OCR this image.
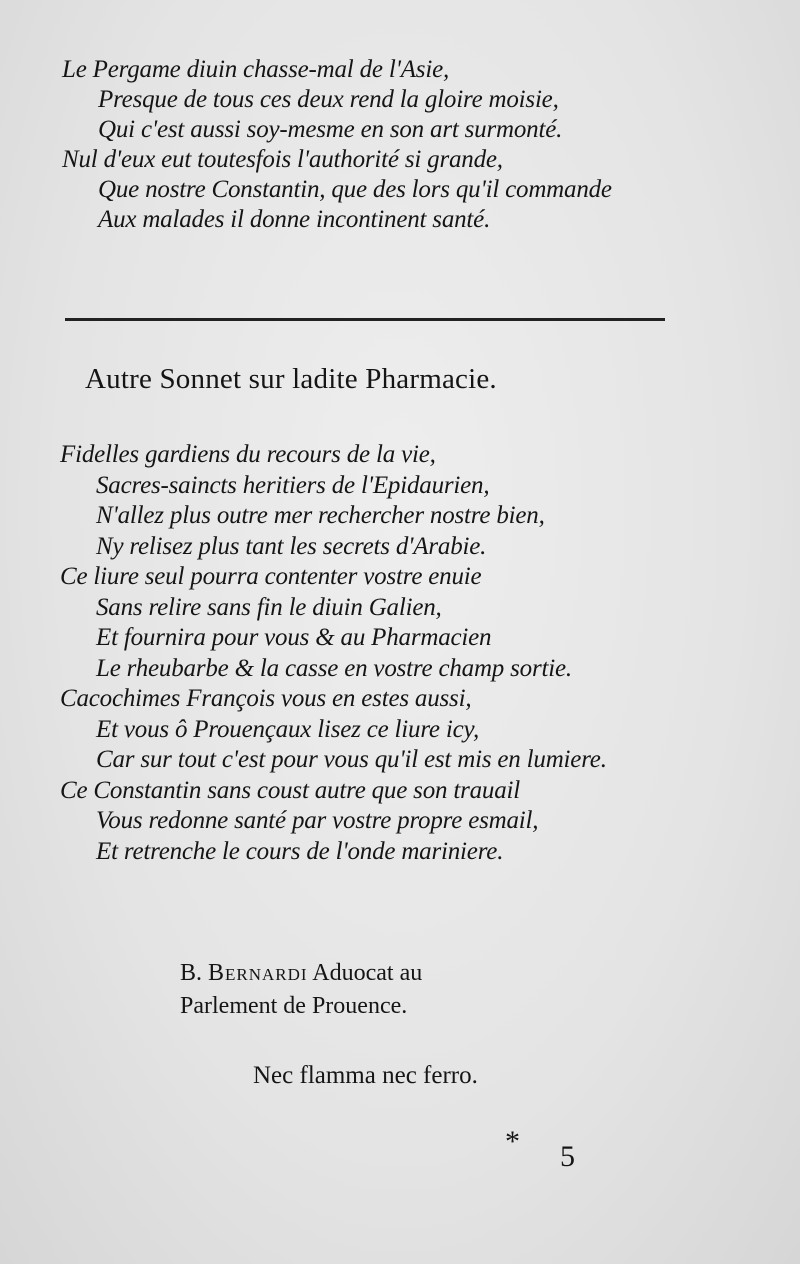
Le Pergame diuin chasse-mal de l'Asie,
Presque de tous ces deux rend la gloire moisie,
Qui c'est aussi soy-mesme en son art surmonté.
Nul d'eux eut toutesfois l'authorité si grande,
Que nostre Constantin, que des lors qu'il commande
Aux malades il donne incontinent santé.
Autre Sonnet sur ladite Pharmacie.
Fidelles gardiens du recours de la vie,
Sacres-saincts heritiers de l'Epidaurien,
N'allez plus outre mer rechercher nostre bien,
Ny relisez plus tant les secrets d'Arabie.
Ce liure seul pourra contenter vostre enuie
Sans relire sans fin le diuin Galien,
Et fournira pour vous & au Pharmacien
Le rheubarbe & la casse en vostre champ sortie.
Cacochimes François vous en estes aussi,
Et vous ô Prouençaux lisez ce liure icy,
Car sur tout c'est pour vous qu'il est mis en lumiere.
Ce Constantin sans coust autre que son trauail
Vous redonne santé par vostre propre esmail,
Et retrenche le cours de l'onde mariniere.
B. Bernardi Aduocat au
Parlement de Prouence.
Nec flamma nec ferro.
* 5
